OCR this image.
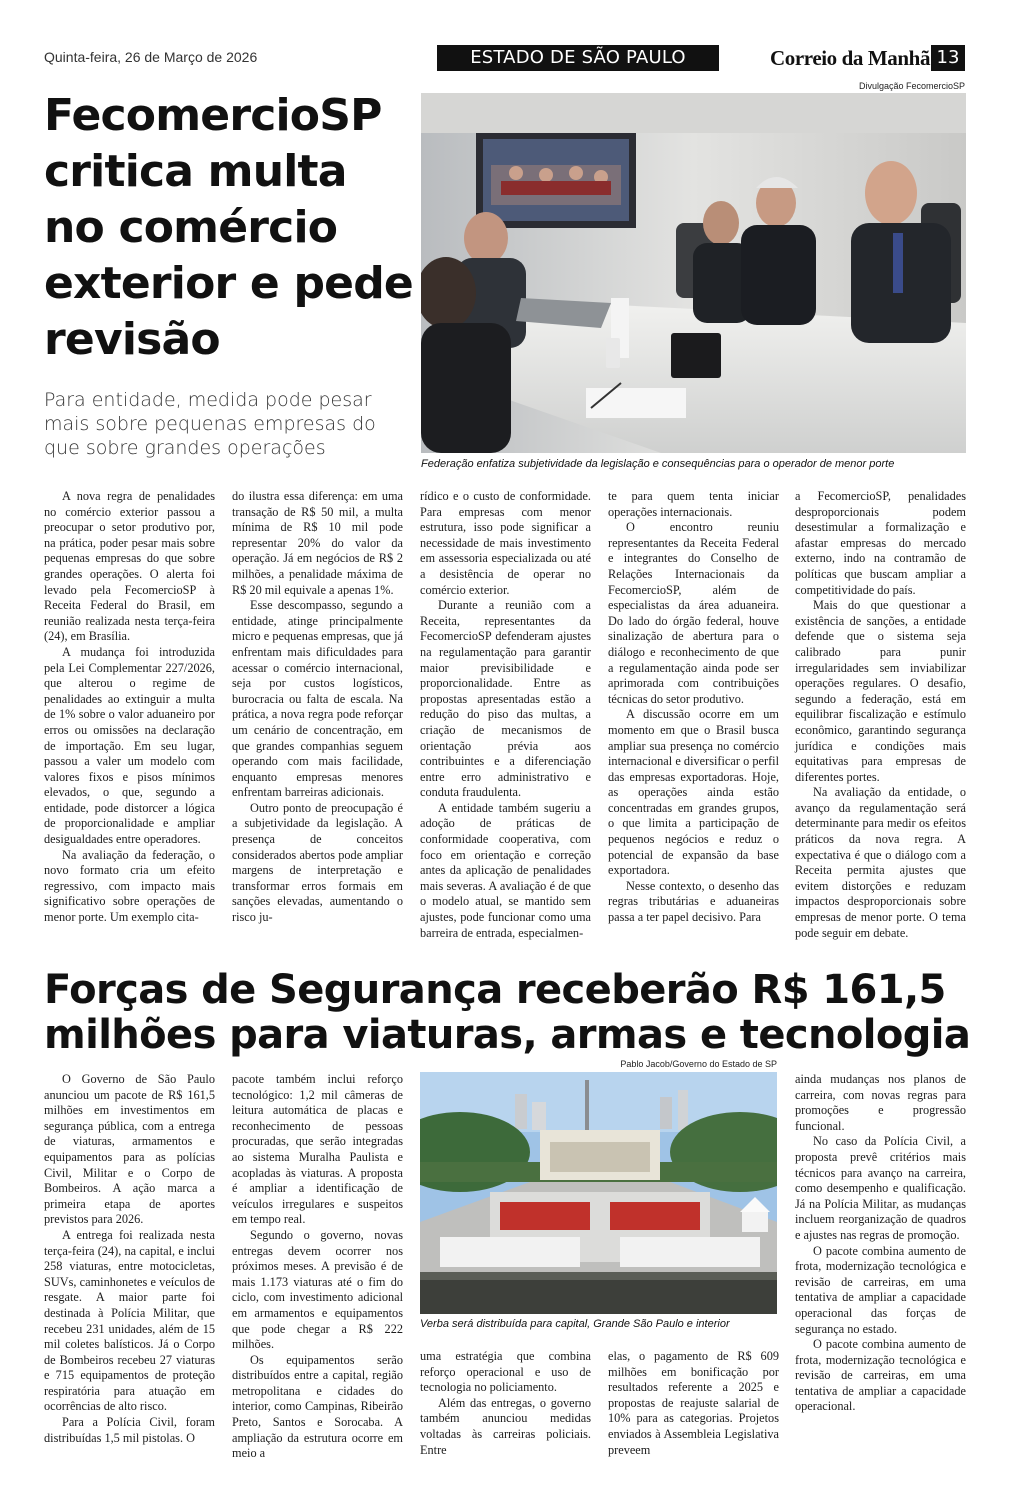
Quinta-feira, 26 de Março de 2026	ESTADO DE SÃO PAULO	Correio da Manhã 13
FecomercioSP critica multa no comércio exterior e pede revisão
Para entidade, medida pode pesar mais sobre pequenas empresas do que sobre grandes operações
Divulgação FecomercioSP
Federação enfatiza subjetividade da legislação e consequências para o operador de menor porte

A nova regra de penalidades no comércio exterior passou a preocupar o setor produtivo por, na prática, poder pesar mais sobre pequenas empresas do que sobre grandes operações. O alerta foi levado pela FecomercioSP à Receita Federal do Brasil, em reunião realizada nesta terça-feira (24), em Brasília.

A mudança foi introduzida pela Lei Complementar 227/2026, que alterou o regime de penalidades ao extinguir a multa de 1% sobre o valor aduaneiro por erros ou omissões na declaração de importação. Em seu lugar, passou a valer um modelo com valores fixos e pisos mínimos elevados, o que, segundo a entidade, pode distorcer a lógica de proporcionalidade e ampliar desigualdades entre operadores.

Na avaliação da federação, o novo formato cria um efeito regressivo, com impacto mais significativo sobre operações de menor porte. Um exemplo cita-

do ilustra essa diferença: em uma transação de R$ 50 mil, a multa mínima de R$ 10 mil pode representar 20% do valor da operação. Já em negócios de R$ 2 milhões, a penalidade máxima de R$ 20 mil equivale a apenas 1%.

Esse descompasso, segundo a entidade, atinge principalmente micro e pequenas empresas, que já enfrentam mais dificuldades para acessar o comércio internacional, seja por custos logísticos, burocracia ou falta de escala. Na prática, a nova regra pode reforçar um cenário de concentração, em que grandes companhias seguem operando com mais facilidade, enquanto empresas menores enfrentam barreiras adicionais.

Outro ponto de preocupação é a subjetividade da legislação. A presença de conceitos considerados abertos pode ampliar margens de interpretação e transformar erros formais em sanções elevadas, aumentando o risco ju-

rídico e o custo de conformidade. Para empresas com menor estrutura, isso pode significar a necessidade de mais investimento em assessoria especializada ou até a desistência de operar no comércio exterior.

Durante a reunião com a Receita, representantes da FecomercioSP defenderam ajustes na regulamentação para garantir maior previsibilidade e proporcionalidade. Entre as propostas apresentadas estão a redução do piso das multas, a criação de mecanismos de orientação prévia aos contribuintes e a diferenciação entre erro administrativo e conduta fraudulenta.

A entidade também sugeriu a adoção de práticas de conformidade cooperativa, com foco em orientação e correção antes da aplicação de penalidades mais severas. A avaliação é de que o modelo atual, se mantido sem ajustes, pode funcionar como uma barreira de entrada, especialmen-

te para quem tenta iniciar operações internacionais.

O encontro reuniu representantes da Receita Federal e integrantes do Conselho de Relações Internacionais da FecomercioSP, além de especialistas da área aduaneira. Do lado do órgão federal, houve sinalização de abertura para o diálogo e reconhecimento de que a regulamentação ainda pode ser aprimorada com contribuições técnicas do setor produtivo.

A discussão ocorre em um momento em que o Brasil busca ampliar sua presença no comércio internacional e diversificar o perfil das empresas exportadoras. Hoje, as operações ainda estão concentradas em grandes grupos, o que limita a participação de pequenos negócios e reduz o potencial de expansão da base exportadora.

Nesse contexto, o desenho das regras tributárias e aduaneiras passa a ter papel decisivo. Para

a FecomercioSP, penalidades desproporcionais podem desestimular a formalização e afastar empresas do mercado externo, indo na contramão de políticas que buscam ampliar a competitividade do país.

Mais do que questionar a existência de sanções, a entidade defende que o sistema seja calibrado para punir irregularidades sem inviabilizar operações regulares. O desafio, segundo a federação, está em equilibrar fiscalização e estímulo econômico, garantindo segurança jurídica e condições mais equitativas para empresas de diferentes portes.

Na avaliação da entidade, o avanço da regulamentação será determinante para medir os efeitos práticos da nova regra. A expectativa é que o diálogo com a Receita permita ajustes que evitem distorções e reduzam impactos desproporcionais sobre empresas de menor porte. O tema pode seguir em debate.

Forças de Segurança receberão R$ 161,5 milhões para viaturas, armas e tecnologia
Pablo Jacob/Governo do Estado de SP
Verba será distribuída para capital, Grande São Paulo e interior

O Governo de São Paulo anunciou um pacote de R$ 161,5 milhões em investimentos em segurança pública, com a entrega de viaturas, armamentos e equipamentos para as polícias Civil, Militar e o Corpo de Bombeiros. A ação marca a primeira etapa de aportes previstos para 2026.

A entrega foi realizada nesta terça-feira (24), na capital, e inclui 258 viaturas, entre motocicletas, SUVs, caminhonetes e veículos de resgate. A maior parte foi destinada à Polícia Militar, que recebeu 231 unidades, além de 15 mil coletes balísticos. Já o Corpo de Bombeiros recebeu 27 viaturas e 715 equipamentos de proteção respiratória para atuação em ocorrências de alto risco.

Para a Polícia Civil, foram distribuídas 1,5 mil pistolas. O

pacote também inclui reforço tecnológico: 1,2 mil câmeras de leitura automática de placas e reconhecimento de pessoas procuradas, que serão integradas ao sistema Muralha Paulista e acopladas às viaturas. A proposta é ampliar a identificação de veículos irregulares e suspeitos em tempo real.

Segundo o governo, novas entregas devem ocorrer nos próximos meses. A previsão é de mais 1.173 viaturas até o fim do ciclo, com investimento adicional em armamentos e equipamentos que pode chegar a R$ 222 milhões.

Os equipamentos serão distribuídos entre a capital, região metropolitana e cidades do interior, como Campinas, Ribeirão Preto, Santos e Sorocaba. A ampliação da estrutura ocorre em meio a

uma estratégia que combina reforço operacional e uso de tecnologia no policiamento.

Além das entregas, o governo também anunciou medidas voltadas às carreiras policiais. Entre

elas, o pagamento de R$ 609 milhões em bonificação por resultados referente a 2025 e propostas de reajuste salarial de 10% para as categorias. Projetos enviados à Assembleia Legislativa preveem

ainda mudanças nos planos de carreira, com novas regras para promoções e progressão funcional.

No caso da Polícia Civil, a proposta prevê critérios mais técnicos para avanço na carreira, como desempenho e qualificação. Já na Polícia Militar, as mudanças incluem reorganização de quadros e ajustes nas regras de promoção.

O pacote combina aumento de frota, modernização tecnológica e revisão de carreiras, em uma tentativa de ampliar a capacidade operacional das forças de segurança no estado.

O pacote combina aumento de frota, modernização tecnológica e revisão de carreiras, em uma tentativa de ampliar a capacidade operacional.
